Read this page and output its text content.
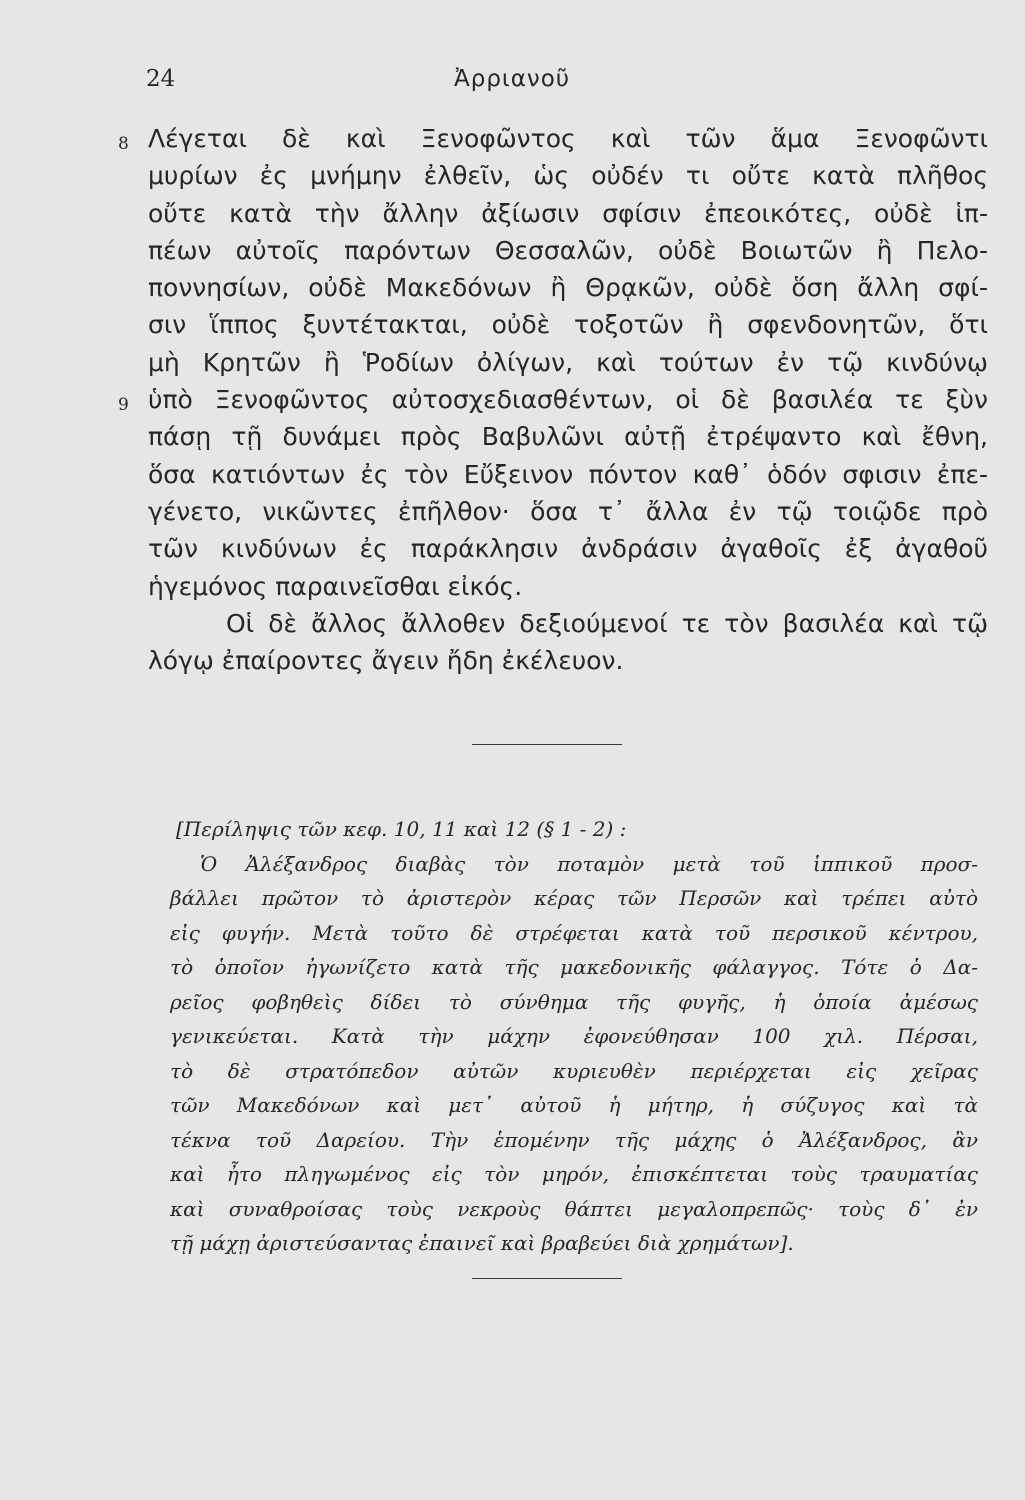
24	Ἀρριανοῦ
8 Λέγεται δὲ καὶ Ξενοφῶντος καὶ τῶν ἅμα Ξενοφῶντι
μυρίων ἐς μνήμην ἐλθεῖν, ὡς οὐδέν τι οὔτε κατὰ πλῆθος
οὔτε κατὰ τὴν ἄλλην ἀξίωσιν σφίσιν ἐπεοικότες, οὐδὲ ἱπ-
πέων αὐτοῖς παρόντων Θεσσαλῶν, οὐδὲ Βοιωτῶν ἢ Πελο-
ποννησίων, οὐδὲ Μακεδόνων ἢ Θρᾳκῶν, οὐδὲ ὅση ἄλλη σφί-
σιν ἵππος ξυντέτακται, οὐδὲ τοξοτῶν ἢ σφενδονητῶν, ὅτι
μὴ Κρητῶν ἢ Ῥοδίων ὀλίγων, καὶ τούτων ἐν τῷ κινδύνῳ
9 ὑπὸ Ξενοφῶντος αὐτοσχεδιασθέντων, οἱ δὲ βασιλέα τε ξὺν
πάσῃ τῇ δυνάμει πρὸς Βαβυλῶνι αὐτῇ ἐτρέψαντο καὶ ἔθνη,
ὅσα κατιόντων ἐς τὸν Εὔξεινον πόντον καθ᾽ ὁδόν σφισιν ἐπε-
γένετο, νικῶντες ἐπῆλθον· ὅσα τ᾽ ἄλλα ἐν τῷ τοιῷδε πρὸ
τῶν κινδύνων ἐς παράκλησιν ἀνδράσιν ἀγαθοῖς ἐξ ἀγαθοῦ
ἡγεμόνος παραινεῖσθαι εἰκός.
Οἱ δὲ ἄλλος ἄλλοθεν δεξιούμενοί τε τὸν βασιλέα καὶ τῷ
λόγῳ ἐπαίροντες ἄγειν ἤδη ἐκέλευον.
[Περίληψις τῶν κεφ. 10, 11 καὶ 12 (§ 1 - 2) :
Ὁ Ἀλέξανδρος διαβὰς τὸν ποταμὸν μετὰ τοῦ ἱππικοῦ προσ-
βάλλει πρῶτον τὸ ἀριστερὸν κέρας τῶν Περσῶν καὶ τρέπει αὐτὸ
εἰς φυγήν. Μετὰ τοῦτο δὲ στρέφεται κατὰ τοῦ περσικοῦ κέντρου,
τὸ ὁποῖον ἠγωνίζετο κατὰ τῆς μακεδονικῆς φάλαγγος. Τότε ὁ Δα-
ρεῖος φοβηθεὶς δίδει τὸ σύνθημα τῆς φυγῆς, ἡ ὁποία ἀμέσως
γενικεύεται. Κατὰ τὴν μάχην ἐφονεύθησαν 100 χιλ. Πέρσαι,
τὸ δὲ στρατόπεδον αὐτῶν κυριευθὲν περιέρχεται εἰς χεῖρας
τῶν Μακεδόνων καὶ μετ᾽ αὐτοῦ ἡ μήτηρ, ἡ σύζυγος καὶ τὰ
τέκνα τοῦ Δαρείου. Τὴν ἑπομένην τῆς μάχης ὁ Ἀλέξανδρος, ἂν
καὶ ἦτο πληγωμένος εἰς τὸν μηρόν, ἐπισκέπτεται τοὺς τραυματίας
καὶ συναθροίσας τοὺς νεκροὺς θάπτει μεγαλοπρεπῶς· τοὺς δ᾽ ἐν
τῇ μάχῃ ἀριστεύσαντας ἐπαινεῖ καὶ βραβεύει διὰ χρημάτων].
